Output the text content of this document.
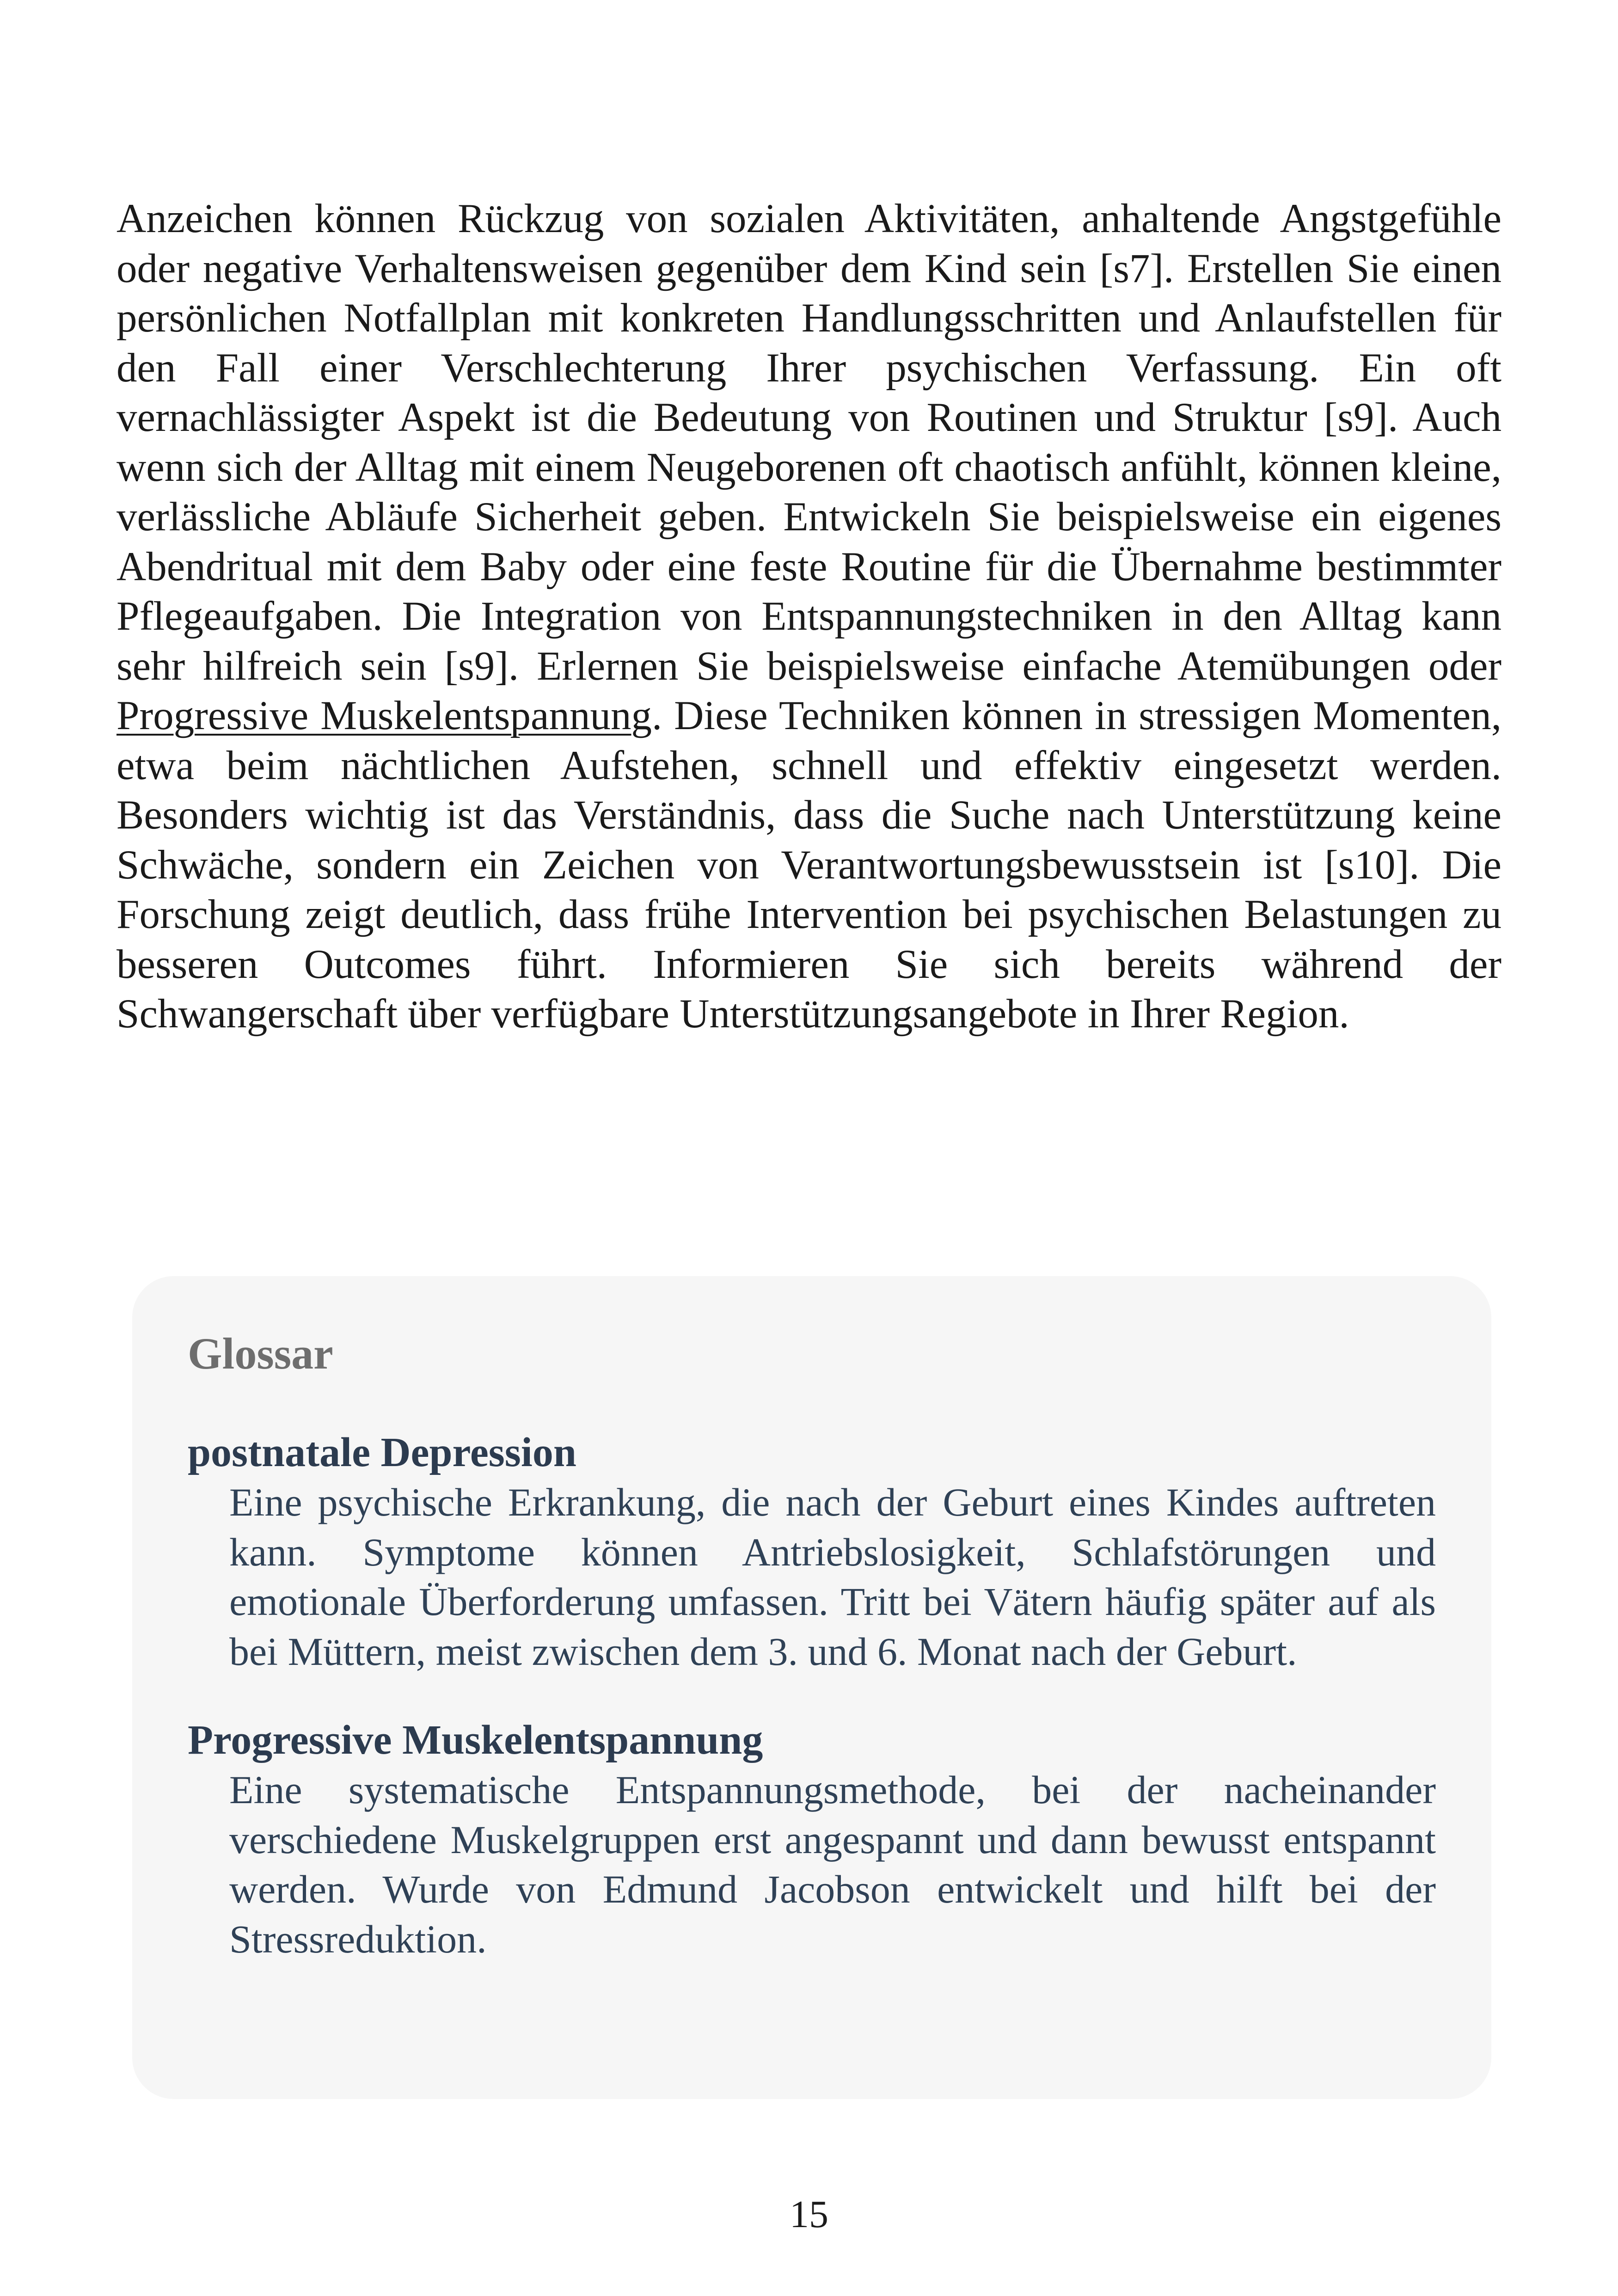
Anzeichen können Rückzug von sozialen Aktivitäten, anhaltende Angstgefühle oder negative Verhaltensweisen gegenüber dem Kind sein [s7]. Erstellen Sie einen persönlichen Notfallplan mit konkreten Handlungsschritten und Anlaufstellen für den Fall einer Verschlechterung Ihrer psychischen Verfassung. Ein oft vernachlässigter Aspekt ist die Bedeutung von Routinen und Struktur [s9]. Auch wenn sich der Alltag mit einem Neugeborenen oft chaotisch anfühlt, können kleine, verlässliche Abläufe Sicherheit geben. Entwickeln Sie beispielsweise ein eigenes Abendritual mit dem Baby oder eine feste Routine für die Übernahme bestimmter Pflegeaufgaben. Die Integration von Entspannungstechniken in den Alltag kann sehr hilfreich sein [s9]. Erlernen Sie beispielsweise einfache Atemübungen oder Progressive Muskelentspannung. Diese Techniken können in stressigen Momenten, etwa beim nächtlichen Aufstehen, schnell und effektiv eingesetzt werden. Besonders wichtig ist das Verständnis, dass die Suche nach Unterstützung keine Schwäche, sondern ein Zeichen von Verantwortungsbewusstsein ist [s10]. Die Forschung zeigt deutlich, dass frühe Intervention bei psychischen Belastungen zu besseren Outcomes führt. Informieren Sie sich bereits während der Schwangerschaft über verfügbare Unterstützungsangebote in Ihrer Region.

Glossar
postnatale Depression
Eine psychische Erkrankung, die nach der Geburt eines Kindes auftreten kann. Symptome können Antriebslosigkeit, Schlafstörungen und emotionale Überforderung umfassen. Tritt bei Vätern häufig später auf als bei Müttern, meist zwischen dem 3. und 6. Monat nach der Geburt.
Progressive Muskelentspannung
Eine systematische Entspannungsmethode, bei der nacheinander verschiedene Muskelgruppen erst angespannt und dann bewusst entspannt werden. Wurde von Edmund Jacobson entwickelt und hilft bei der Stressreduktion.
15
